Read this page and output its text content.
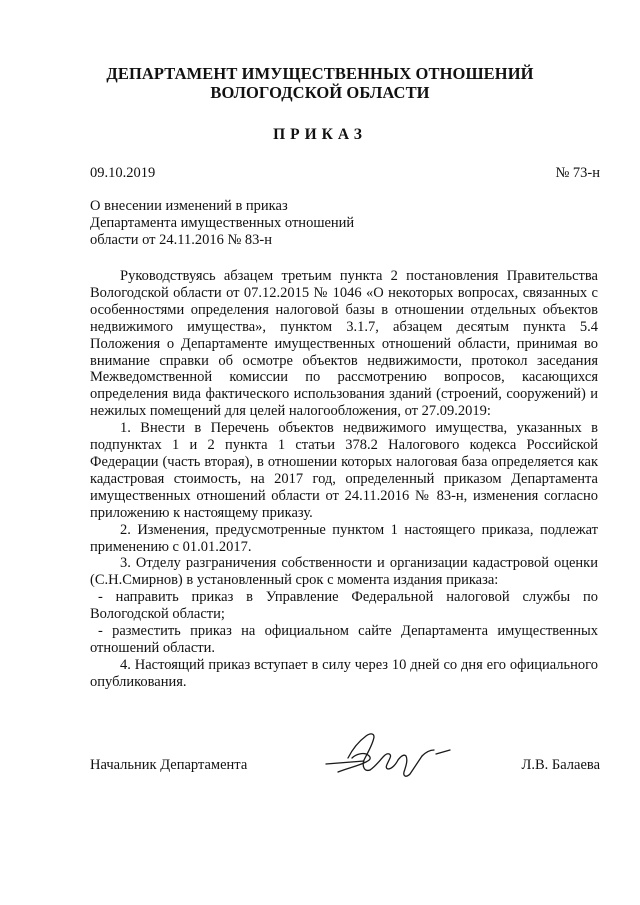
ДЕПАРТАМЕНТ ИМУЩЕСТВЕННЫХ ОТНОШЕНИЙ
ВОЛОГОДСКОЙ ОБЛАСТИ
ПРИКАЗ
09.10.2019	№ 73-н
О внесении изменений в приказ
Департамента имущественных отношений
области от 24.11.2016 № 83-н

Руководствуясь абзацем третьим пункта 2 постановления Правительства Вологодской области от 07.12.2015 № 1046 «О некоторых вопросах, связанных с особенностями определения налоговой базы в отношении отдельных объектов недвижимого имущества», пунктом 3.1.7, абзацем десятым пункта 5.4 Положения о Департаменте имущественных отношений области, принимая во внимание справки об осмотре объектов недвижимости, протокол заседания Межведомственной комиссии по рассмотрению вопросов, касающихся определения вида фактического использования зданий (строений, сооружений) и нежилых помещений для целей налогообложения, от 27.09.2019:

1. Внести в Перечень объектов недвижимого имущества, указанных в подпунктах 1 и 2 пункта 1 статьи 378.2 Налогового кодекса Российской Федерации (часть вторая), в отношении которых налоговая база определяется как кадастровая стоимость, на 2017 год, определенный приказом Департамента имущественных отношений области от 24.11.2016 № 83-н, изменения согласно приложению к настоящему приказу.

2. Изменения, предусмотренные пунктом 1 настоящего приказа, подлежат применению с 01.01.2017.

3. Отделу разграничения собственности и организации кадастровой оценки (С.Н.Смирнов) в установленный срок с момента издания приказа:

- направить приказ в Управление Федеральной налоговой службы по Вологодской области;

- разместить приказ на официальном сайте Департамента имущественных отношений области.

4. Настоящий приказ вступает в силу через 10 дней со дня его официального опубликования.

Начальник Департамента	Л.В. Балаева
